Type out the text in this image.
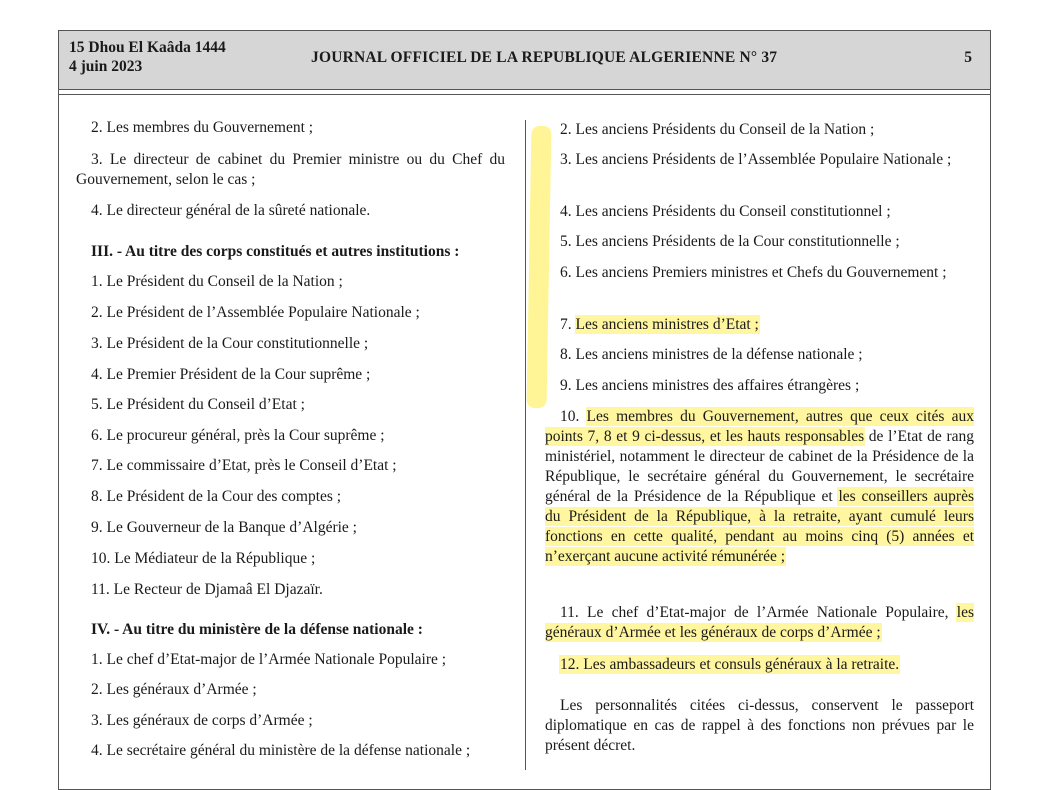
15 Dhou El Kaâda 1444
4 juin 2023
JOURNAL OFFICIEL DE LA REPUBLIQUE ALGERIENNE N° 37	5

2. Les membres du Gouvernement ;

3. Le directeur de cabinet du Premier ministre ou du Chef du Gouvernement, selon le cas ;

4. Le directeur général de la sûreté nationale.

III. - Au titre des corps constitués et autres institutions :

1. Le Président du Conseil de la Nation ;

2. Le Président de l’Assemblée Populaire Nationale ;

3. Le Président de la Cour constitutionnelle ;

4. Le Premier Président de la Cour suprême ;

5. Le Président du Conseil d’Etat ;

6. Le procureur général, près la Cour suprême ;

7. Le commissaire d’Etat, près le Conseil d’Etat ;

8. Le Président de la Cour des comptes ;

9. Le Gouverneur de la Banque d’Algérie ;

10. Le Médiateur de la République ;

11. Le Recteur de Djamaâ El Djazaïr.

IV. - Au titre du ministère de la défense nationale :

1. Le chef d’Etat-major de l’Armée Nationale Populaire ;

2. Les généraux d’Armée ;

3. Les généraux de corps d’Armée ;

4. Le secrétaire général du ministère de la défense nationale ;

2. Les anciens Présidents du Conseil de la Nation ;

3. Les anciens Présidents de l’Assemblée Populaire Nationale ;

4. Les anciens Présidents du Conseil constitutionnel ;

5. Les anciens Présidents de la Cour constitutionnelle ;

6. Les anciens Premiers ministres et Chefs du Gouvernement ;

7. Les anciens ministres d’Etat ;

8. Les anciens ministres de la défense nationale ;

9. Les anciens ministres des affaires étrangères ;

10. Les membres du Gouvernement, autres que ceux cités aux points 7, 8 et 9 ci-dessus, et les hauts responsables de l’Etat de rang ministériel, notamment le directeur de cabinet de la Présidence de la République, le secrétaire général du Gouvernement, le secrétaire général de la Présidence de la République et les conseillers auprès du Président de la République, à la retraite, ayant cumulé leurs fonctions en cette qualité, pendant au moins cinq (5) années et n’exerçant aucune activité rémunérée ;

11. Le chef d’Etat-major de l’Armée Nationale Populaire, les généraux d’Armée et les généraux de corps d’Armée ;

12. Les ambassadeurs et consuls généraux à la retraite.

Les personnalités citées ci-dessus, conservent le passeport diplomatique en cas de rappel à des fonctions non prévues par le présent décret.
